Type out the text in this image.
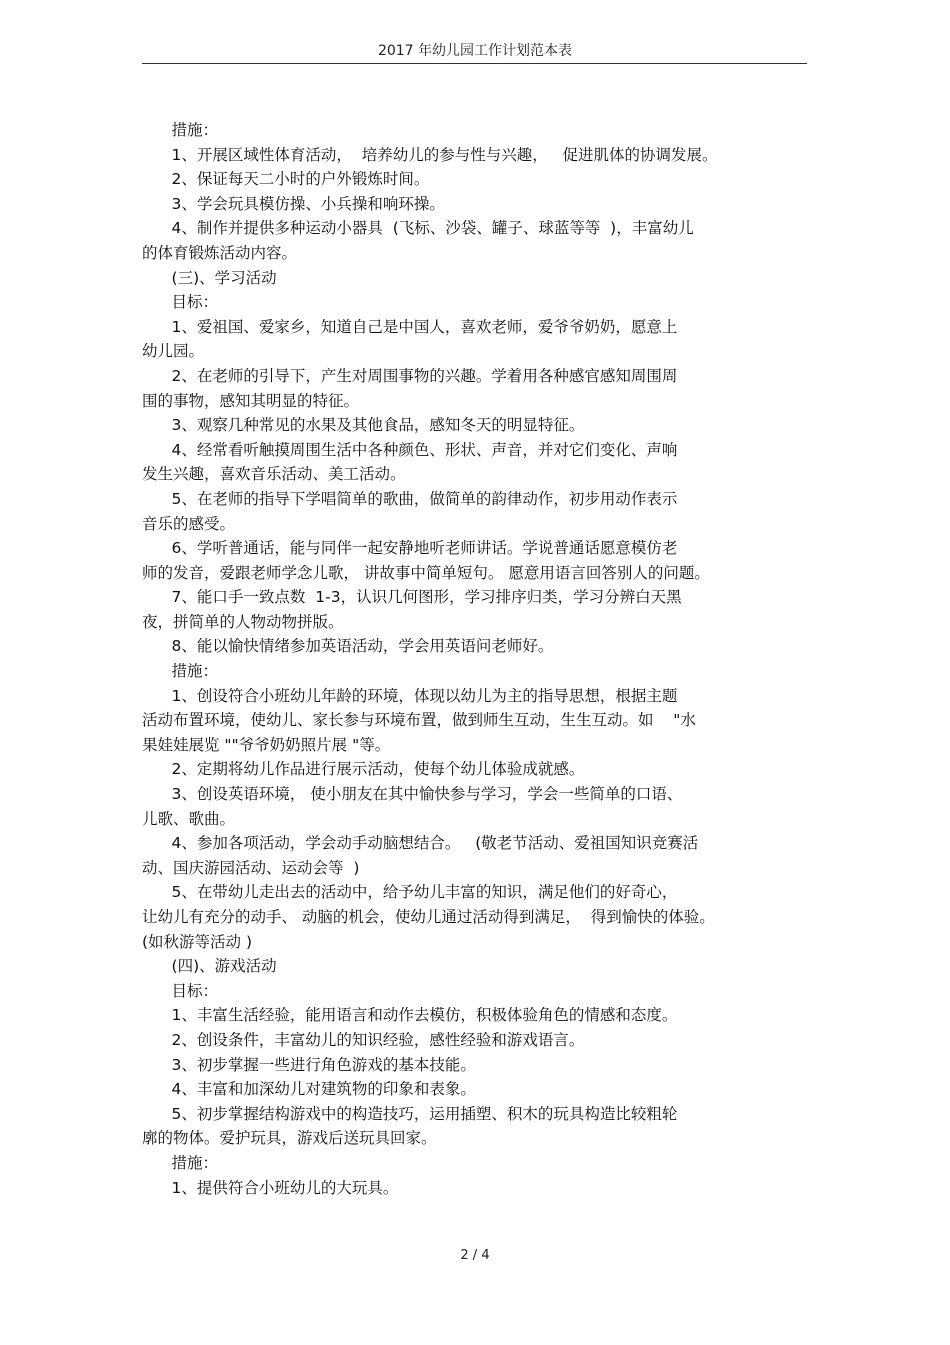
2017 年幼儿园工作计划范本表
措施：
1、开展区域性体育活动，  培养幼儿的参与性与兴趣，   促进肌体的协调发展。
2、保证每天二小时的户外锻炼时间。
3、学会玩具模仿操、小兵操和响环操。
4、制作并提供多种运动小器具  (飞标、沙袋、罐子、球蓝等等  )，丰富幼儿
的体育锻炼活动内容。
(三)、学习活动
目标：
1、爱祖国、爱家乡，知道自己是中国人，喜欢老师，爱爷爷奶奶，愿意上
幼儿园。
2、在老师的引导下，产生对周围事物的兴趣。学着用各种感官感知周围周
围的事物，感知其明显的特征。
3、观察几种常见的水果及其他食品，感知冬天的明显特征。
4、经常看听触摸周围生活中各种颜色、形状、声音，并对它们变化、声响
发生兴趣，喜欢音乐活动、美工活动。
5、在老师的指导下学唱简单的歌曲，做简单的韵律动作，初步用动作表示
音乐的感受。
6、学听普通话，能与同伴一起安静地听老师讲话。学说普通话愿意模仿老
师的发音，爱跟老师学念儿歌， 讲故事中简单短句。 愿意用语言回答别人的问题。
7、能口手一致点数  1-3，认识几何图形，学习排序归类，学习分辨白天黑
夜，拼简单的人物动物拼版。
8、能以愉快情绪参加英语活动，学会用英语问老师好。
措施：
1、创设符合小班幼儿年龄的环境，体现以幼儿为主的指导思想，根据主题
活动布置环境，使幼儿、家长参与环境布置，做到师生互动，生生互动。如    "水
果娃娃展览 ""爷爷奶奶照片展 "等。
2、定期将幼儿作品进行展示活动，使每个幼儿体验成就感。
3、创设英语环境， 使小朋友在其中愉快参与学习，学会一些简单的口语、
儿歌、歌曲。
4、参加各项活动，学会动手动脑想结合。   (敬老节活动、爱祖国知识竞赛活
动、国庆游园活动、运动会等  )
5、在带幼儿走出去的活动中，给予幼儿丰富的知识，满足他们的好奇心，
让幼儿有充分的动手、 动脑的机会，使幼儿通过活动得到满足，  得到愉快的体验。
(如秋游等活动 )
(四)、游戏活动
目标：
1、丰富生活经验，能用语言和动作去模仿，积极体验角色的情感和态度。
2、创设条件，丰富幼儿的知识经验，感性经验和游戏语言。
3、初步掌握一些进行角色游戏的基本技能。
4、丰富和加深幼儿对建筑物的印象和表象。
5、初步掌握结构游戏中的构造技巧，运用插塑、积木的玩具构造比较粗轮
廓的物体。爱护玩具，游戏后送玩具回家。
措施：
1、提供符合小班幼儿的大玩具。
2 / 4
